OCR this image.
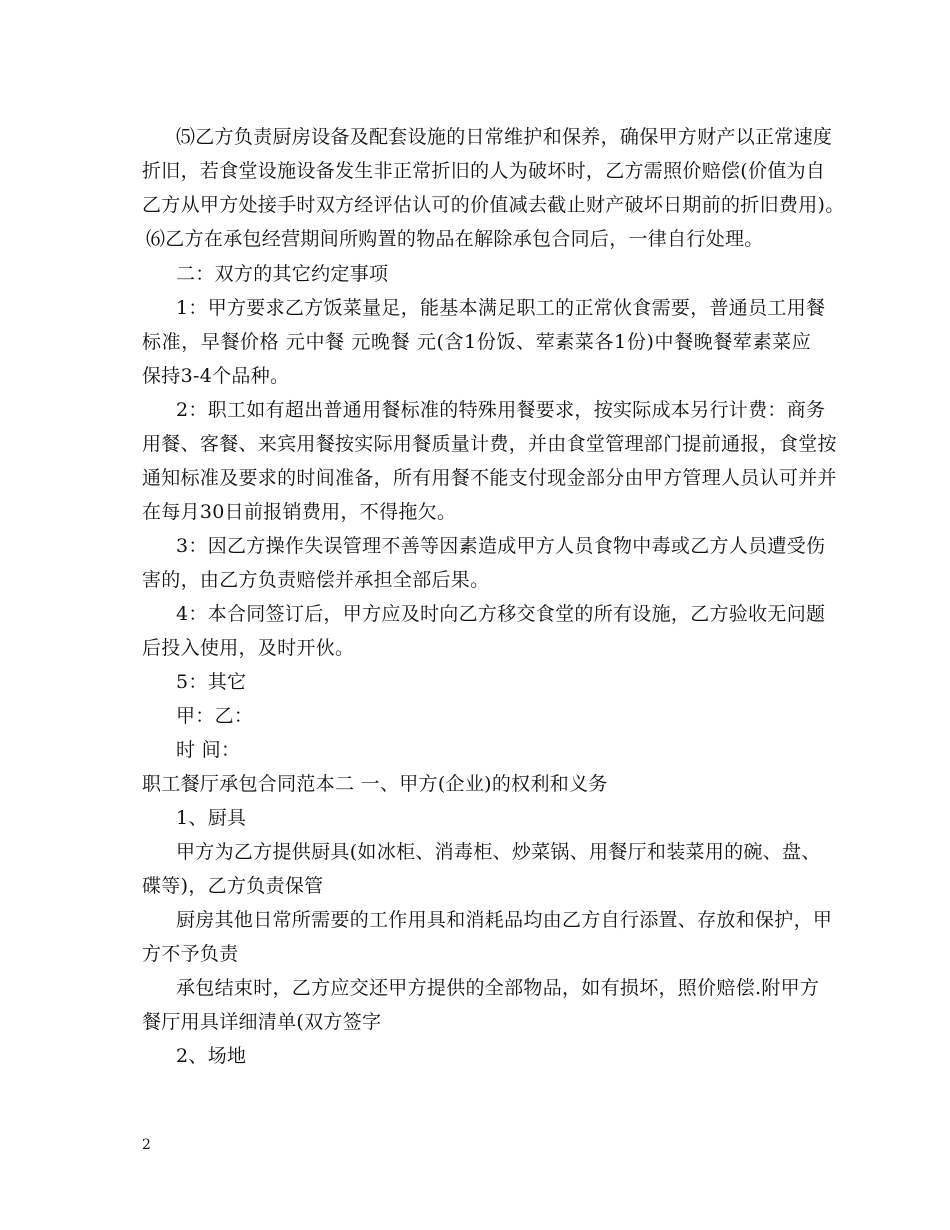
⑸乙方负责厨房设备及配套设施的日常维护和保养，确保甲方财产以正常速度
折旧，若食堂设施设备发生非正常折旧的人为破坏时，乙方需照价赔偿(价值为自
乙方从甲方处接手时双方经评估认可的价值减去截止财产破坏日期前的折旧费用)。
⑹乙方在承包经营期间所购置的物品在解除承包合同后，一律自行处理。
二：双方的其它约定事项
1：甲方要求乙方饭菜量足，能基本满足职工的正常伙食需要，普通员工用餐
标准，早餐价格 元中餐 元晚餐 元(含1份饭、荤素菜各1份)中餐晚餐荤素菜应
保持3-4个品种。
2：职工如有超出普通用餐标准的特殊用餐要求，按实际成本另行计费：商务
用餐、客餐、来宾用餐按实际用餐质量计费，并由食堂管理部门提前通报，食堂按
通知标准及要求的时间准备，所有用餐不能支付现金部分由甲方管理人员认可并并
在每月30日前报销费用，不得拖欠。
3：因乙方操作失误管理不善等因素造成甲方人员食物中毒或乙方人员遭受伤
害的，由乙方负责赔偿并承担全部后果。
4：本合同签订后，甲方应及时向乙方移交食堂的所有设施，乙方验收无问题
后投入使用，及时开伙。
5：其它
甲：乙：
时 间：
职工餐厅承包合同范本二 一、甲方(企业)的权利和义务
1、厨具
甲方为乙方提供厨具(如冰柜、消毒柜、炒菜锅、用餐厅和装菜用的碗、盘、
碟等)，乙方负责保管
厨房其他日常所需要的工作用具和消耗品均由乙方自行添置、存放和保护，甲
方不予负责
承包结束时，乙方应交还甲方提供的全部物品，如有损坏，照价赔偿.附甲方
餐厅用具详细清单(双方签字
2、场地
2
